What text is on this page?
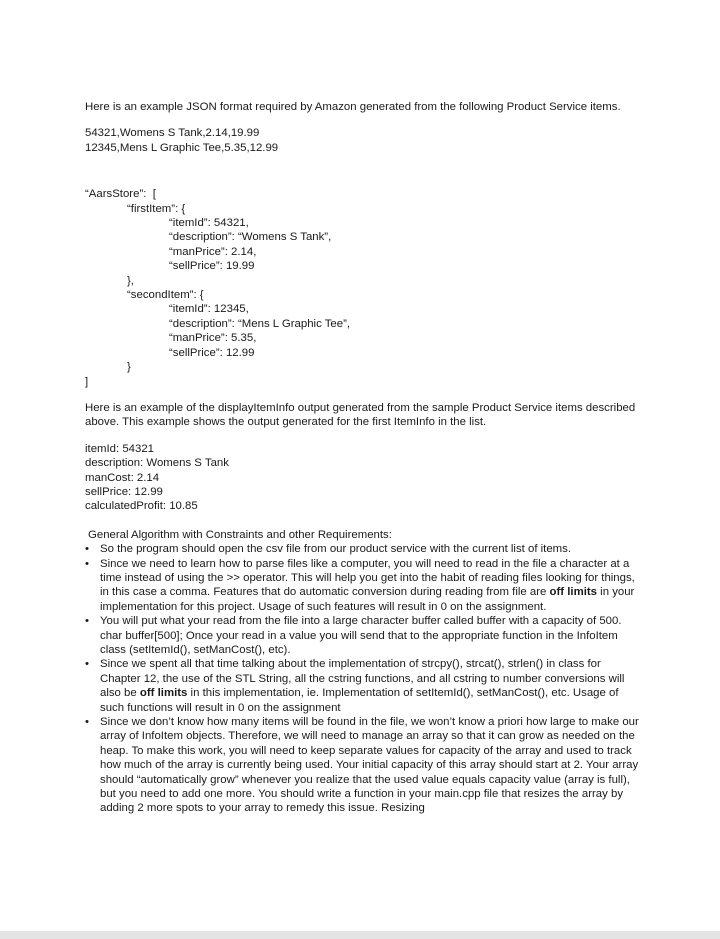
Here is an example JSON format required by Amazon generated from the following Product Service items.

54321,Womens S Tank,2.14,19.99

12345,Mens L Graphic Tee,5.35,12.99

“AarsStore”:  [

“firstItem”: {

“itemId”: 54321,

“description”: “Womens S Tank”,

“manPrice”: 2.14,

“sellPrice”: 19.99

},

“secondItem”: {

“itemId”: 12345,

“description”: “Mens L Graphic Tee”,

“manPrice”: 5.35,

“sellPrice”: 12.99

}

]

Here is an example of the displayItemInfo output generated from the sample Product Service items described above. This example shows the output generated for the first ItemInfo in the list.

itemId: 54321

description: Womens S Tank

manCost: 2.14

sellPrice: 12.99

calculatedProfit: 10.85

General Algorithm with Constraints and other Requirements:

• So the program should open the csv file from our product service with the current list of items.
• Since we need to learn how to parse files like a computer, you will need to read in the file a character at a time instead of using the >> operator. This will help you get into the habit of reading files looking for things, in this case a comma. Features that do automatic conversion during reading from file are off limits in your implementation for this project. Usage of such features will result in 0 on the assignment.
• You will put what your read from the file into a large character buffer called buffer with a capacity of 500. char buffer[500]; Once your read in a value you will send that to the appropriate function in the InfoItem class (setItemId(), setManCost(), etc).
• Since we spent all that time talking about the implementation of strcpy(), strcat(), strlen() in class for Chapter 12, the use of the STL String, all the cstring functions, and all cstring to number conversions will also be off limits in this implementation, ie. Implementation of setItemId(), setManCost(), etc. Usage of such functions will result in 0 on the assignment
• Since we don’t know how many items will be found in the file, we won’t know a priori how large to make our array of InfoItem objects. Therefore, we will need to manage an array so that it can grow as needed on the heap. To make this work, you will need to keep separate values for capacity of the array and used to track how much of the array is currently being used. Your initial capacity of this array should start at 2. Your array should “automatically grow” whenever you realize that the used value equals capacity value (array is full), but you need to add one more. You should write a function in your main.cpp file that resizes the array by adding 2 more spots to your array to remedy this issue. Resizing
